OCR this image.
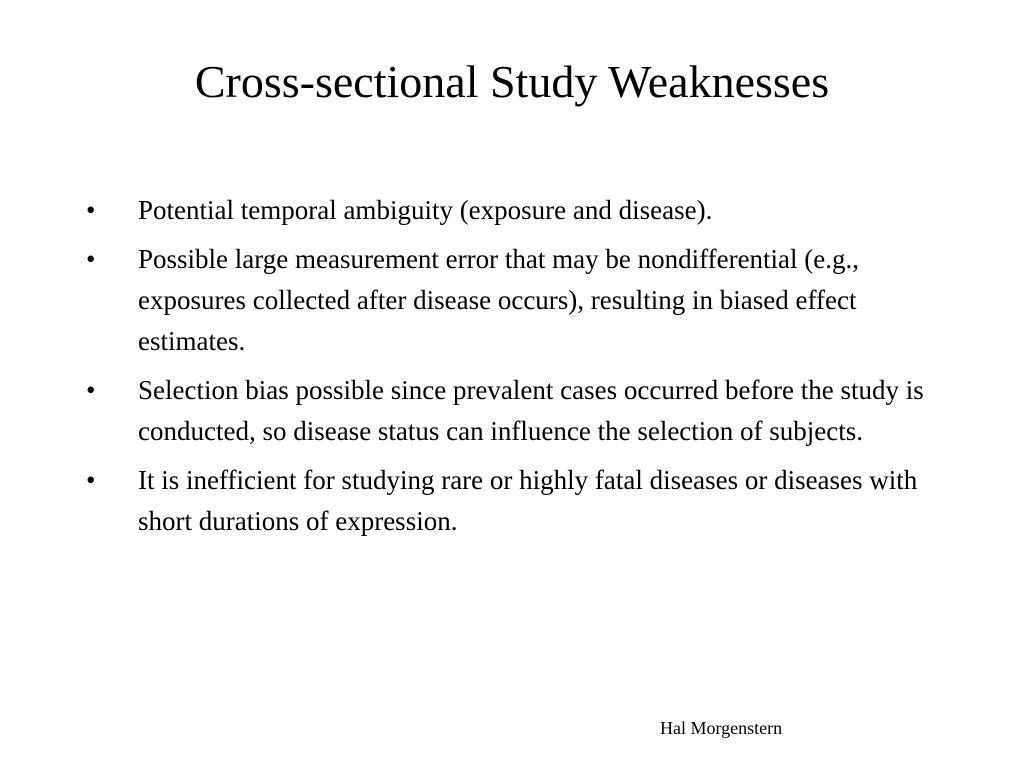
Cross-sectional Study Weaknesses
•	Potential temporal ambiguity (exposure and disease).
•	Possible large measurement error that may be nondifferential (e.g., exposures collected after disease occurs), resulting in biased effect estimates.
•	Selection bias possible since prevalent cases occurred before the study is conducted, so disease status can influence the selection of subjects.
•	It is inefficient for studying rare or highly fatal diseases or diseases with short durations of expression.
Hal Morgenstern
